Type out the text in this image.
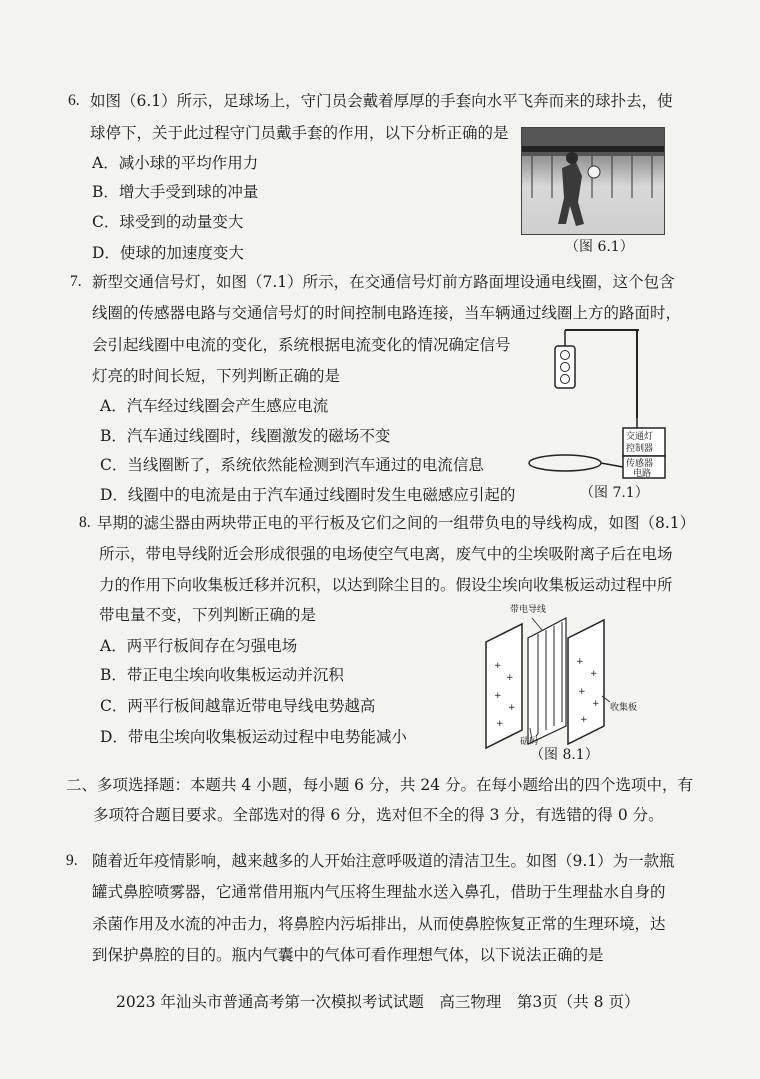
6. 如图（6.1）所示，足球场上，守门员会戴着厚厚的手套向水平飞奔而来的球扑去，使
球停下，关于此过程守门员戴手套的作用，以下分析正确的是
A．减小球的平均作用力
B．增大手受到球的冲量
C．球受到的动量变大
D．使球的加速度变大	（图 6.1）
7. 新型交通信号灯，如图（7.1）所示，在交通信号灯前方路面埋设通电线圈，这个包含
线圈的传感器电路与交通信号灯的时间控制电路连接，当车辆通过线圈上方的路面时，
会引起线圈中电流的变化，系统根据电流变化的情况确定信号
灯亮的时间长短，下列判断正确的是
A．汽车经过线圈会产生感应电流
B．汽车通过线圈时，线圈激发的磁场不变
C．当线圈断了，系统依然能检测到汽车通过的电流信息
D．线圈中的电流是由于汽车通过线圈时发生电磁感应引起的
交通灯
控制器
传感器
电路
（图 7.1）
8. 早期的滤尘器由两块带正电的平行板及它们之间的一组带负电的导线构成，如图（8.1）
所示，带电导线附近会形成很强的电场使空气电离，废气中的尘埃吸附离子后在电场
力的作用下向收集板迁移并沉积，以达到除尘目的。假设尘埃向收集板运动过程中所
带电量不变，下列判断正确的是
A．两平行板间存在匀强电场
B．带正电尘埃向收集板运动并沉积
C．两平行板间越靠近带电导线电势越高
D．带电尘埃向收集板运动过程中电势能减小
+
+
+
+
+
+
+
+
+
+
带电导线
收集板
砝码
（图 8.1）
二、多项选择题：本题共 4 小题，每小题 6 分，共 24 分。在每小题给出的四个选项中，有
多项符合题目要求。全部选对的得 6 分，选对但不全的得 3 分，有选错的得 0 分。
9. 随着近年疫情影响，越来越多的人开始注意呼吸道的清洁卫生。如图（9.1）为一款瓶
罐式鼻腔喷雾器，它通常借用瓶内气压将生理盐水送入鼻孔，借助于生理盐水自身的
杀菌作用及水流的冲击力，将鼻腔内污垢排出，从而使鼻腔恢复正常的生理环境，达
到保护鼻腔的目的。瓶内气囊中的气体可看作理想气体，以下说法正确的是
2023 年汕头市普通高考第一次模拟考试试题　高三物理　第3页（共 8 页）
